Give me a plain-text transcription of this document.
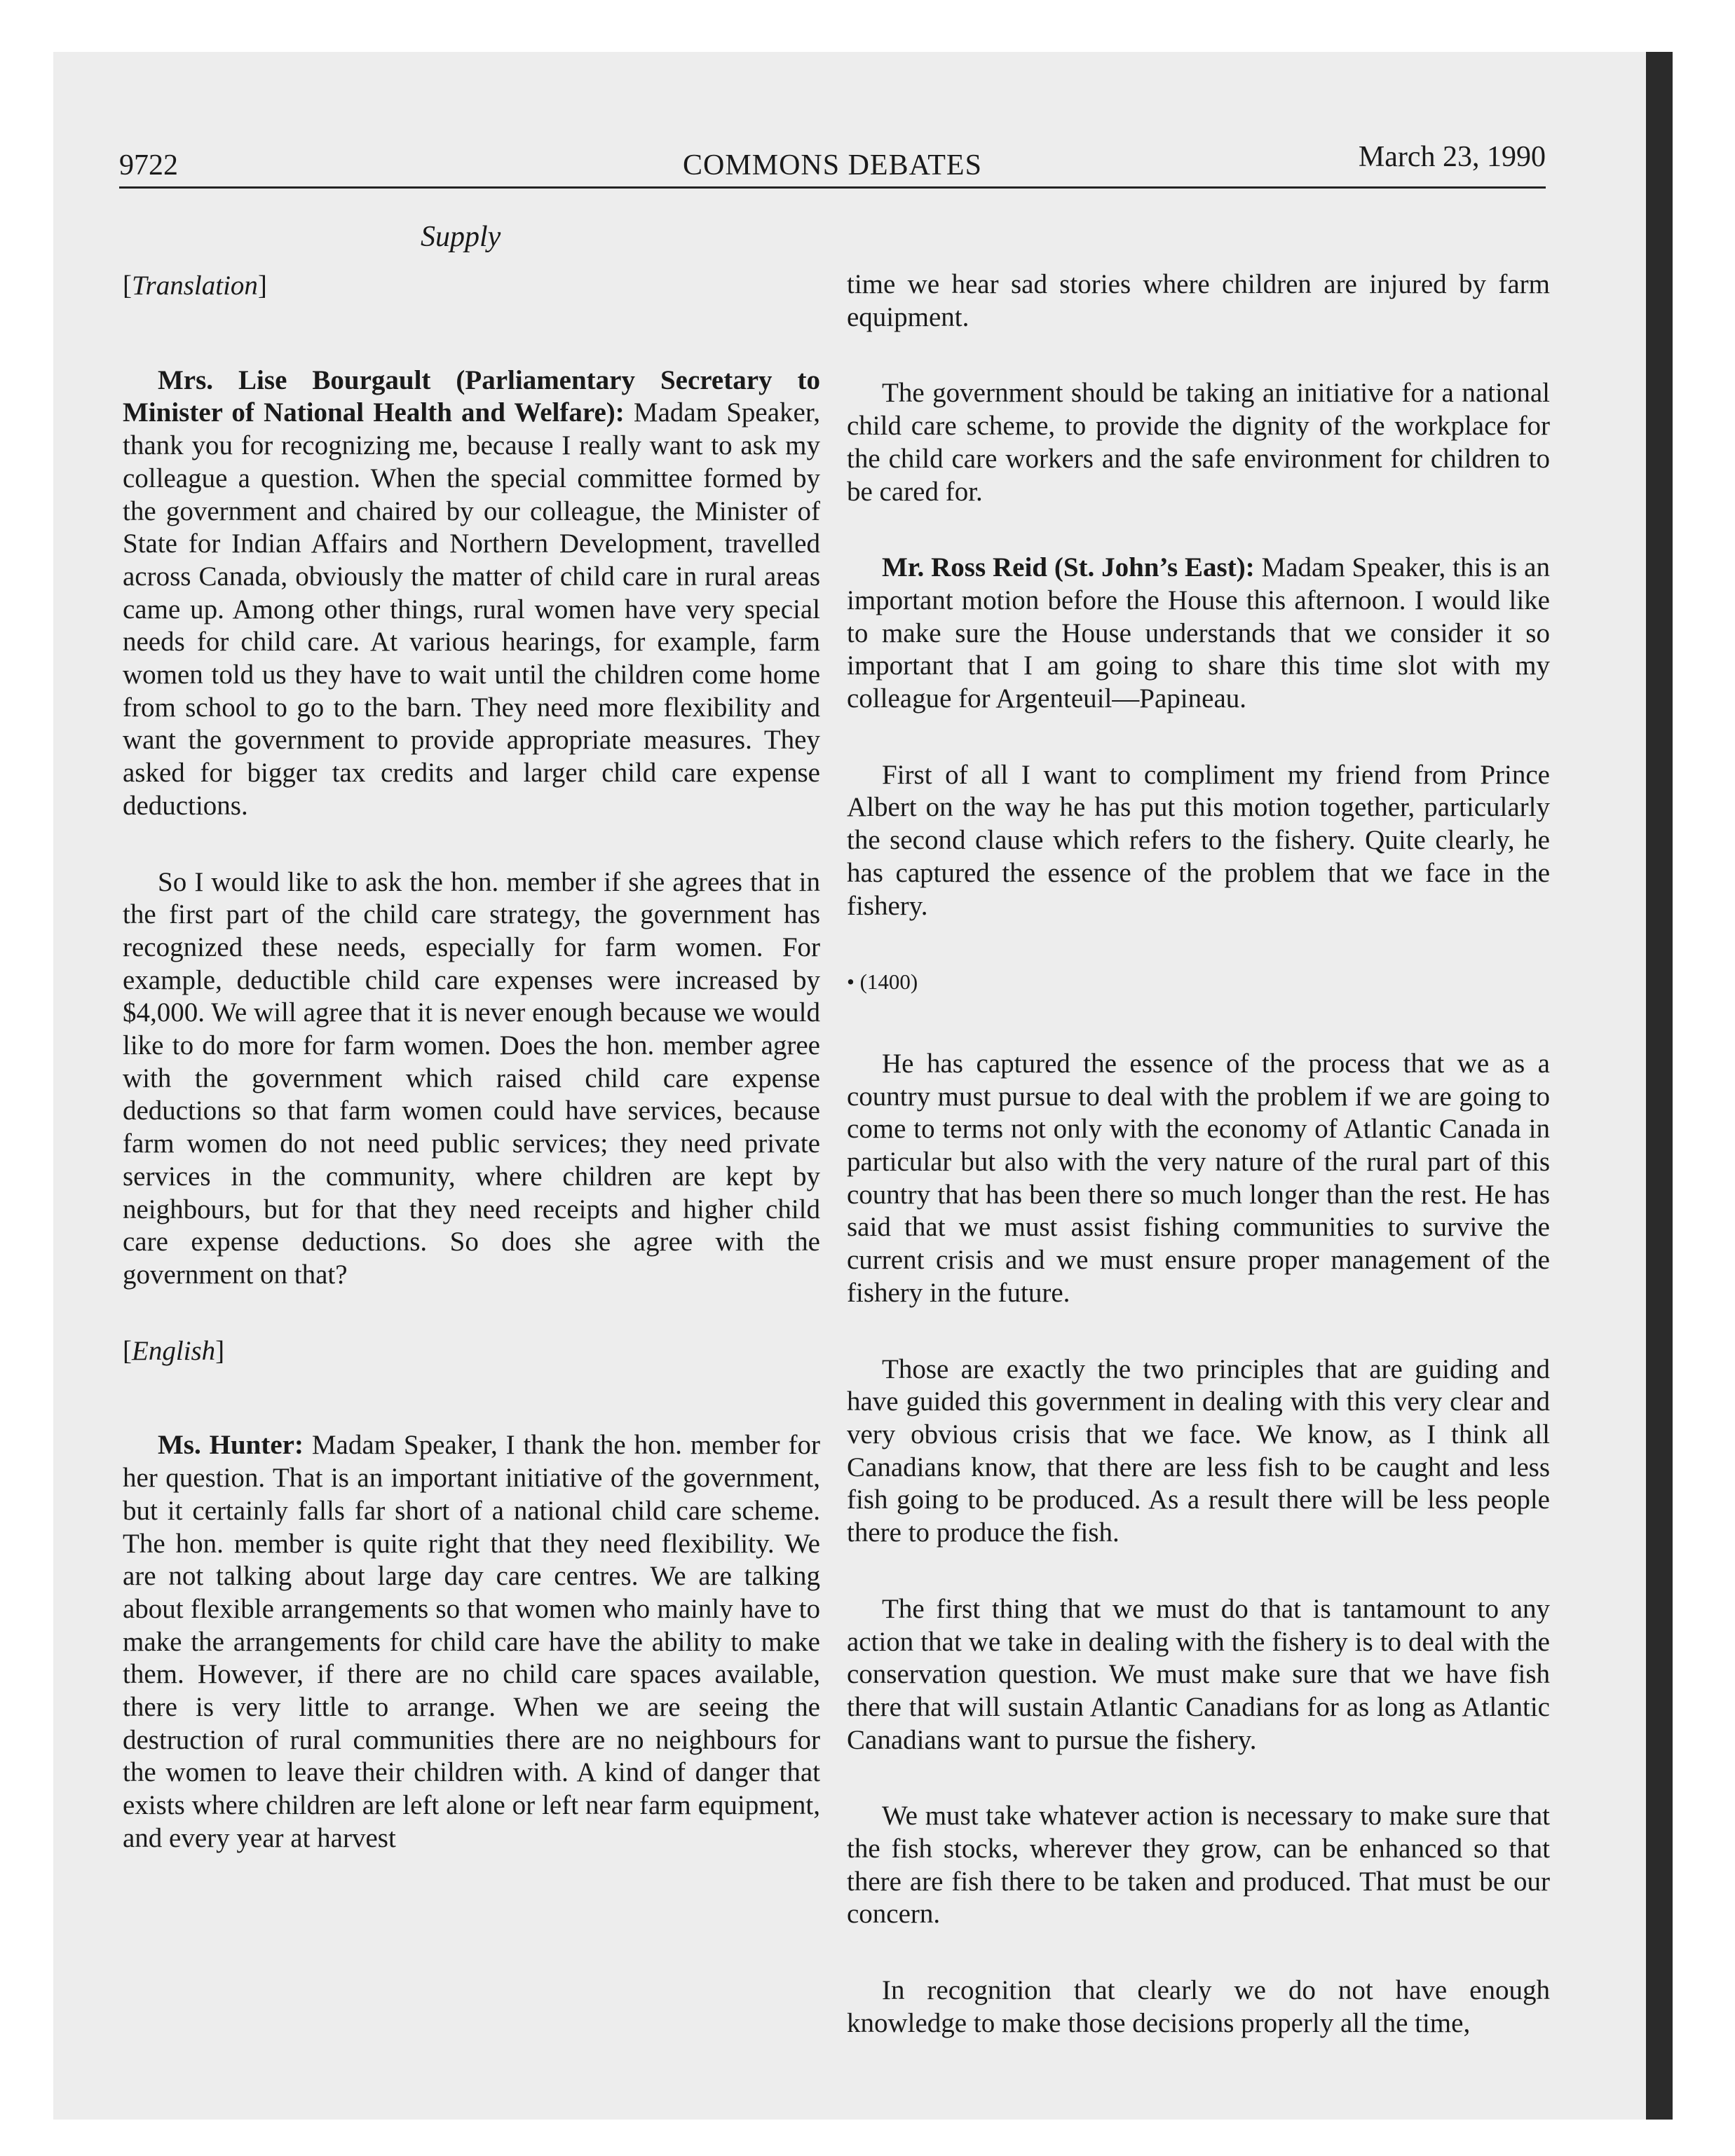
9722	COMMONS DEBATES	March 23, 1990
Supply

[Translation]

Mrs. Lise Bourgault (Parliamentary Secretary to Minister of National Health and Welfare): Madam Speaker, thank you for recognizing me, because I really want to ask my colleague a question. When the special committee formed by the government and chaired by our colleague, the Minister of State for Indian Affairs and Northern Development, travelled across Canada, obviously the matter of child care in rural areas came up. Among other things, rural women have very special needs for child care. At various hearings, for example, farm women told us they have to wait until the children come home from school to go to the barn. They need more flexibility and want the government to provide appropriate measures. They asked for bigger tax credits and larger child care expense deductions.

So I would like to ask the hon. member if she agrees that in the first part of the child care strategy, the government has recognized these needs, especially for farm women. For example, deductible child care expenses were increased by $4,000. We will agree that it is never enough because we would like to do more for farm women. Does the hon. member agree with the government which raised child care expense deductions so that farm women could have services, because farm women do not need public services; they need private services in the community, where children are kept by neighbours, but for that they need receipts and higher child care expense deductions. So does she agree with the government on that?

[English]

Ms. Hunter: Madam Speaker, I thank the hon. member for her question. That is an important initiative of the government, but it certainly falls far short of a national child care scheme. The hon. member is quite right that they need flexibility. We are not talking about large day care centres. We are talking about flexible arrangements so that women who mainly have to make the arrangements for child care have the ability to make them. However, if there are no child care spaces available, there is very little to arrange. When we are seeing the destruction of rural communities there are no neighbours for the women to leave their children with. A kind of danger that exists where children are left alone or left near farm equipment, and every year at harvest

time we hear sad stories where children are injured by farm equipment.

The government should be taking an initiative for a national child care scheme, to provide the dignity of the workplace for the child care workers and the safe environment for children to be cared for.

Mr. Ross Reid (St. John’s East): Madam Speaker, this is an important motion before the House this afternoon. I would like to make sure the House understands that we consider it so important that I am going to share this time slot with my colleague for Argenteuil—Papineau.

First of all I want to compliment my friend from Prince Albert on the way he has put this motion together, particularly the second clause which refers to the fishery. Quite clearly, he has captured the essence of the problem that we face in the fishery.

• (1400)

He has captured the essence of the process that we as a country must pursue to deal with the problem if we are going to come to terms not only with the economy of Atlantic Canada in particular but also with the very nature of the rural part of this country that has been there so much longer than the rest. He has said that we must assist fishing communities to survive the current crisis and we must ensure proper management of the fishery in the future.

Those are exactly the two principles that are guiding and have guided this government in dealing with this very clear and very obvious crisis that we face. We know, as I think all Canadians know, that there are less fish to be caught and less fish going to be produced. As a result there will be less people there to produce the fish.

The first thing that we must do that is tantamount to any action that we take in dealing with the fishery is to deal with the conservation question. We must make sure that we have fish there that will sustain Atlantic Canadians for as long as Atlantic Canadians want to pursue the fishery.

We must take whatever action is necessary to make sure that the fish stocks, wherever they grow, can be enhanced so that there are fish there to be taken and produced. That must be our concern.

In recognition that clearly we do not have enough knowledge to make those decisions properly all the time,
